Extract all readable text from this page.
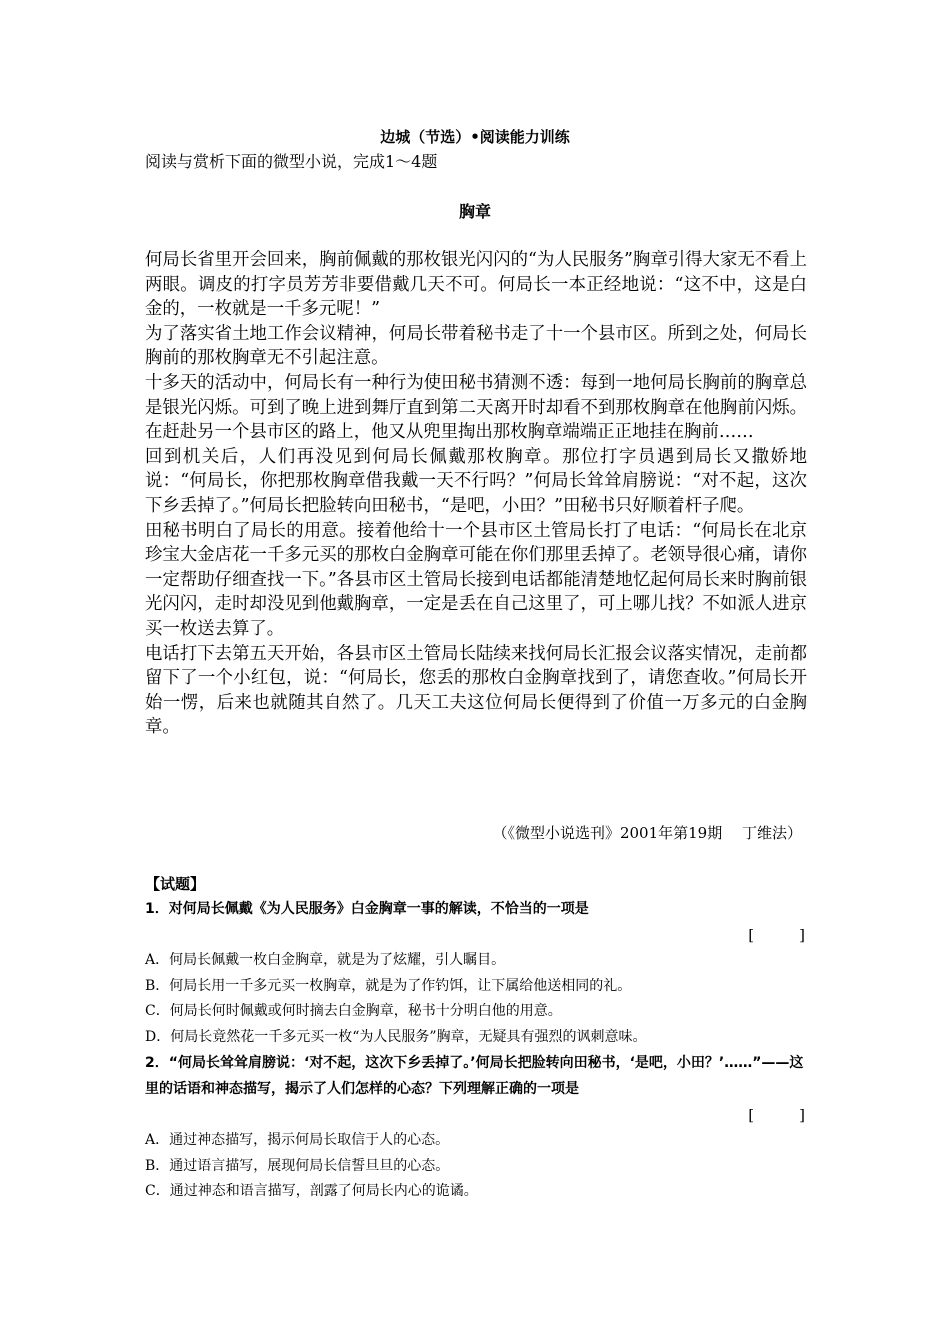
边城（节选）•阅读能力训练
阅读与赏析下面的微型小说，完成1～4题
胸章

何局长省里开会回来，胸前佩戴的那枚银光闪闪的“为人民服务”胸章引得大家无不看上两眼。调皮的打字员芳芳非要借戴几天不可。何局长一本正经地说：“这不中，这是白金的，一枚就是一千多元呢！”

为了落实省土地工作会议精神，何局长带着秘书走了十一个县市区。所到之处，何局长胸前的那枚胸章无不引起注意。

十多天的活动中，何局长有一种行为使田秘书猜测不透：每到一地何局长胸前的胸章总是银光闪烁。可到了晚上进到舞厅直到第二天离开时却看不到那枚胸章在他胸前闪烁。在赶赴另一个县市区的路上，他又从兜里掏出那枚胸章端端正正地挂在胸前……

回到机关后，人们再没见到何局长佩戴那枚胸章。那位打字员遇到局长又撒娇地说：“何局长，你把那枚胸章借我戴一天不行吗？”何局长耸耸肩膀说：“对不起，这次下乡丢掉了。”何局长把脸转向田秘书，“是吧，小田？”田秘书只好顺着杆子爬。

田秘书明白了局长的用意。接着他给十一个县市区土管局长打了电话：“何局长在北京珍宝大金店花一千多元买的那枚白金胸章可能在你们那里丢掉了。老领导很心痛，请你一定帮助仔细查找一下。”各县市区土管局长接到电话都能清楚地忆起何局长来时胸前银光闪闪，走时却没见到他戴胸章，一定是丢在自己这里了，可上哪儿找？不如派人进京买一枚送去算了。

电话打下去第五天开始，各县市区土管局长陆续来找何局长汇报会议落实情况，走前都留下了一个小红包，说：“何局长，您丢的那枚白金胸章找到了，请您查收。”何局长开始一愣，后来也就随其自然了。几天工夫这位何局长便得到了价值一万多元的白金胸章。

（《微型小说选刊》2001年第19期　 丁维法）

【试题】

1．对何局长佩戴《为人民服务》白金胸章一事的解读，不恰当的一项是

[　　　]

A．何局长佩戴一枚白金胸章，就是为了炫耀，引人瞩目。

B．何局长用一千多元买一枚胸章，就是为了作钓饵，让下属给他送相同的礼。

C．何局长何时佩戴或何时摘去白金胸章，秘书十分明白他的用意。

D．何局长竟然花一千多元买一枚“为人民服务”胸章，无疑具有强烈的讽刺意味。

2．“何局长耸耸肩膀说：‘对不起，这次下乡丢掉了。’何局长把脸转向田秘书，‘是吧，小田？’……”——这里的话语和神态描写，揭示了人们怎样的心态？下列理解正确的一项是

[　　　]

A．通过神态描写，揭示何局长取信于人的心态。

B．通过语言描写，展现何局长信誓旦旦的心态。

C．通过神态和语言描写，剖露了何局长内心的诡谲。
